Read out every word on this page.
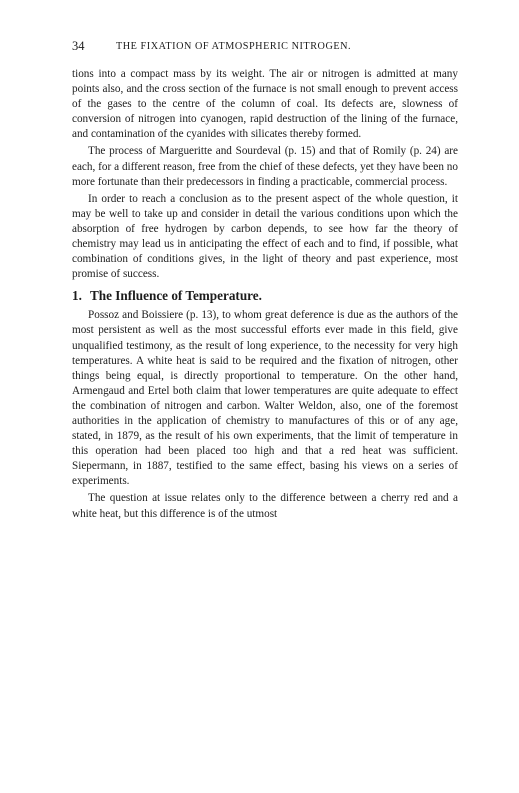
34	THE FIXATION OF ATMOSPHERIC NITROGEN.

tions into a compact mass by its weight. The air or nitrogen is admitted at many points also, and the cross section of the furnace is not small enough to prevent access of the gases to the centre of the column of coal. Its defects are, slowness of conversion of nitrogen into cyanogen, rapid destruction of the lining of the furnace, and contamination of the cyanides with silicates thereby formed.

The process of Margueritte and Sourdeval (p. 15) and that of Romily (p. 24) are each, for a different reason, free from the chief of these defects, yet they have been no more fortunate than their predecessors in finding a practicable, commercial process.

In order to reach a conclusion as to the present aspect of the whole question, it may be well to take up and consider in detail the various conditions upon which the absorption of free hydrogen by carbon depends, to see how far the theory of chemistry may lead us in anticipating the effect of each and to find, if possible, what combination of conditions gives, in the light of theory and past experience, most promise of success.

1. The Influence of Temperature.

Possoz and Boissiere (p. 13), to whom great deference is due as the authors of the most persistent as well as the most successful efforts ever made in this field, give unqualified testimony, as the result of long experience, to the necessity for very high temperatures. A white heat is said to be required and the fixation of nitrogen, other things being equal, is directly proportional to temperature. On the other hand, Armengaud and Ertel both claim that lower temperatures are quite adequate to effect the combination of nitrogen and carbon. Walter Weldon, also, one of the foremost authorities in the application of chemistry to manufactures of this or of any age, stated, in 1879, as the result of his own experiments, that the limit of temperature in this operation had been placed too high and that a red heat was sufficient. Siepermann, in 1887, testified to the same effect, basing his views on a series of experiments.

The question at issue relates only to the difference between a cherry red and a white heat, but this difference is of the utmost
